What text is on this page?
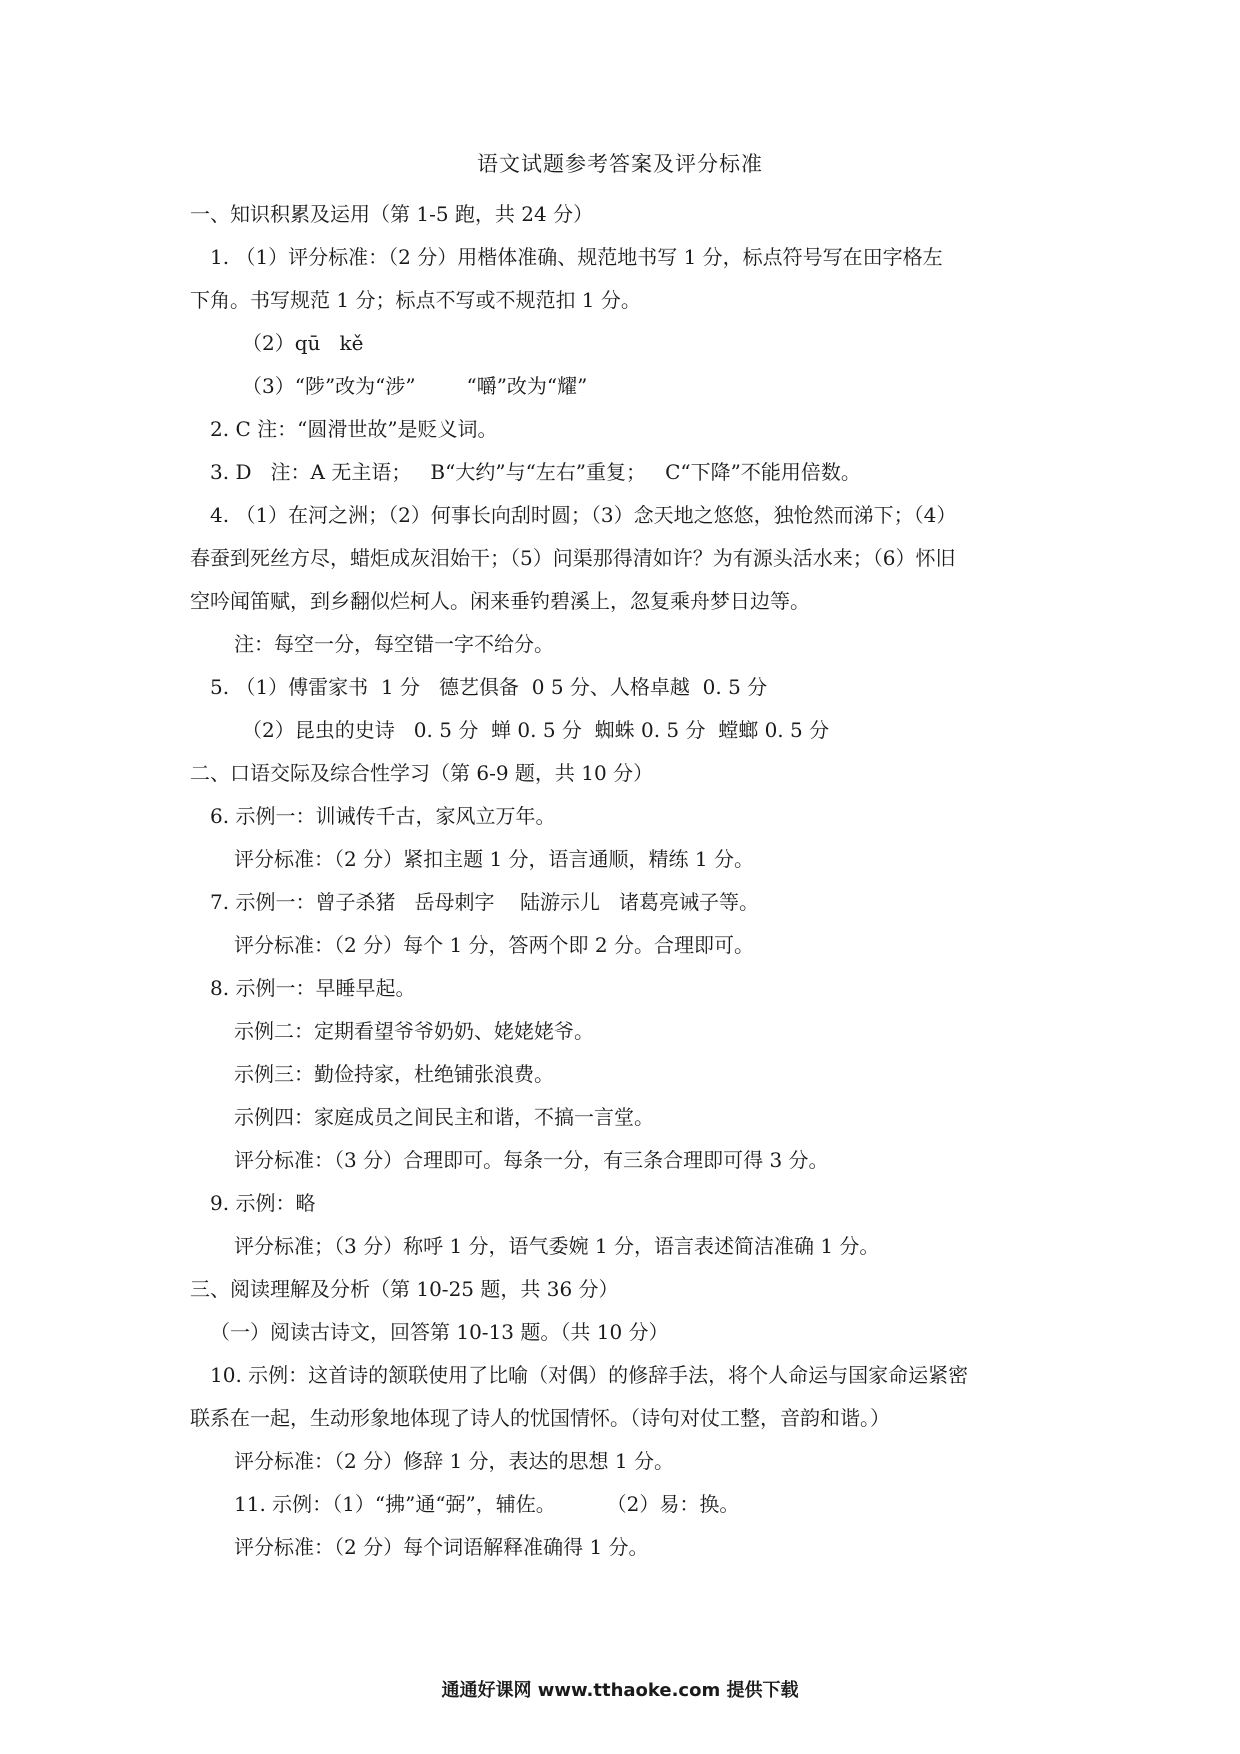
语文试题参考答案及评分标准
一、知识积累及运用（第 1-5 跑，共 24 分）
1. （1）评分标准：（2 分）用楷体准确、规范地书写 1 分，标点符号写在田字格左
下角。书写规范 1 分；标点不写或不规范扣 1 分。
（2）qū   kě
（3）“陟”改为“涉”        “嚼”改为“耀”
2. C 注：“圆滑世故”是贬义词。
3. D   注：A 无主语；   B“大约”与“左右”重复；   C“下降”不能用倍数。
4. （1）在河之洲；（2）何事长向刮时圆；（3）念天地之悠悠，独怆然而涕下；（4）
春蚕到死丝方尽，蜡炬成灰泪始干；（5）问渠那得清如许？为有源头活水来；（6）怀旧
空吟闻笛赋，到乡翻似烂柯人。闲来垂钓碧溪上，忽复乘舟梦日边等。
注：每空一分，每空错一字不给分。
5. （1）傅雷家书  1 分   德艺俱备  0 5 分、人格卓越  0. 5 分
（2）昆虫的史诗   0. 5 分  蝉 0. 5 分  蜘蛛 0. 5 分  螳螂 0. 5 分
二、口语交际及综合性学习（第 6-9 题，共 10 分）
6. 示例一：训诫传千古，家风立万年。
评分标准：（2 分）紧扣主题 1 分，语言通顺，精练 1 分。
7. 示例一：曾子杀猪   岳母刺字    陆游示儿   诸葛亮诫子等。
评分标准：（2 分）每个 1 分，答两个即 2 分。合理即可。
8. 示例一：早睡早起。
示例二：定期看望爷爷奶奶、姥姥姥爷。
示例三：勤俭持家，杜绝铺张浪费。
示例四：家庭成员之间民主和谐，不搞一言堂。
评分标准：（3 分）合理即可。每条一分，有三条合理即可得 3 分。
9. 示例：略
评分标准；（3 分）称呼 1 分，语气委婉 1 分，语言表述简洁准确 1 分。
三、阅读理解及分析（第 10-25 题，共 36 分）
（一）阅读古诗文，回答第 10-13 题。（共 10 分）
10. 示例：这首诗的颔联使用了比喻（对偶）的修辞手法，将个人命运与国家命运紧密
联系在一起，生动形象地体现了诗人的忧国情怀。（诗句对仗工整，音韵和谐。）
评分标准：（2 分）修辞 1 分，表达的思想 1 分。
11. 示例：（1）“拂”通“弼”，辅佐。        （2）易：换。
评分标准：（2 分）每个词语解释准确得 1 分。
通通好课网 www.tthaoke.com 提供下载
